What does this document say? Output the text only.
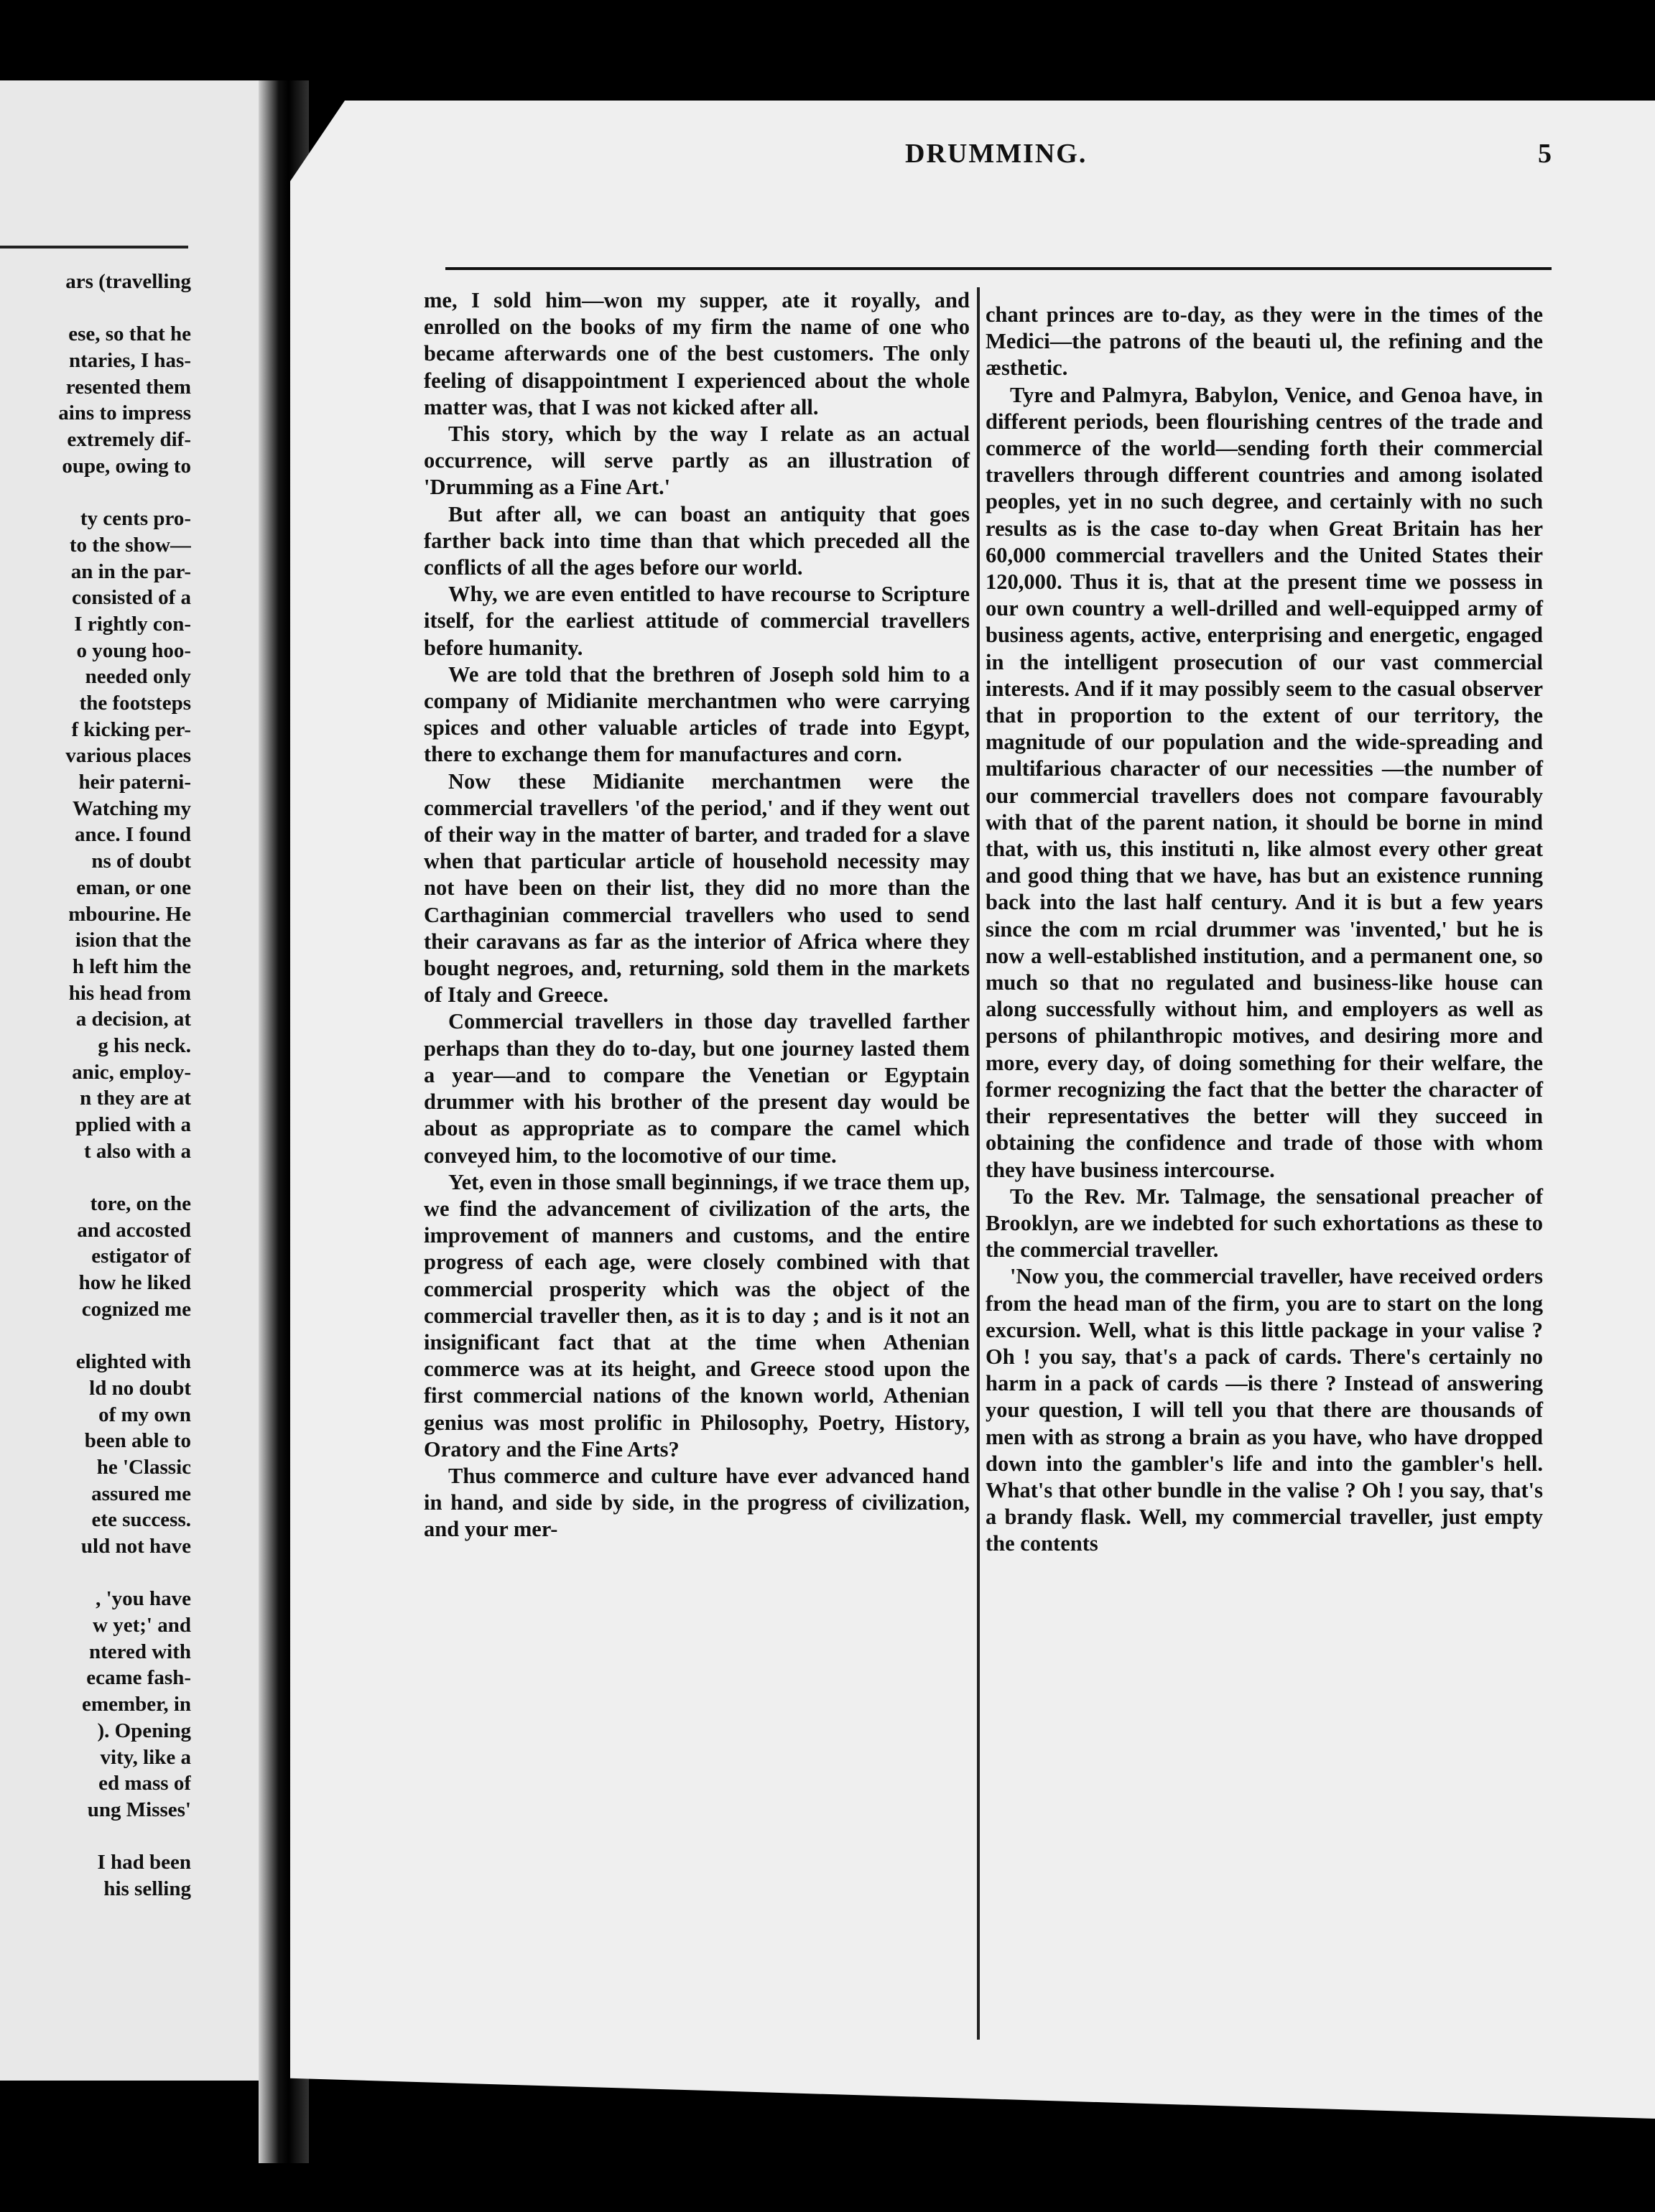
ars (travelling
ese, so that he
ntaries, I has-
resented them
ains to impress
extremely dif-
oupe, owing to
ty cents pro-
to the show—
an in the par-
consisted of a
I rightly con-
o young hoo-
needed only
the footsteps
f kicking per-
various places
heir paterni-
Watching my
ance. I found
ns of doubt
eman, or one
mbourine. He
ision that the
h left him the
his head from
a decision, at
g his neck.
anic, employ-
n they are at
pplied with a
t also with a
tore, on the
and accosted
estigator of
how he liked
cognized me
elighted with
ld no doubt
of my own
been able to
he 'Classic
assured me
ete success.
uld not have
, 'you have
w yet;' and
ntered with
ecame fash-
emember, in
). Opening
vity, like a
ed mass of
ung Misses'
I had been
his selling
DRUMMING.	5

me, I sold him—won my supper, ate it royally, and enrolled on the books of my firm the name of one who became afterwards one of the best customers. The only feeling of disappointment I experienced about the whole matter was, that I was not kicked after all.

This story, which by the way I relate as an actual occurrence, will serve partly as an illustration of 'Drumming as a Fine Art.'

But after all, we can boast an antiquity that goes farther back into time than that which preceded all the conflicts of all the ages before our world.

Why, we are even entitled to have recourse to Scripture itself, for the earliest attitude of commercial travellers before humanity.

We are told that the brethren of Joseph sold him to a company of Midianite merchantmen who were carrying spices and other valuable articles of trade into Egypt, there to exchange them for manufactures and corn.

Now these Midianite merchantmen were the commercial travellers 'of the period,' and if they went out of their way in the matter of barter, and traded for a slave when that particular article of household necessity may not have been on their list, they did no more than the Carthaginian commercial travellers who used to send their caravans as far as the interior of Africa where they bought negroes, and, returning, sold them in the markets of Italy and Greece.

Commercial travellers in those day travelled farther perhaps than they do to-day, but one journey lasted them a year—and to compare the Venetian or Egyptain drummer with his brother of the present day would be about as appropriate as to compare the camel which conveyed him, to the locomotive of our time.

Yet, even in those small beginnings, if we trace them up, we find the advancement of civilization of the arts, the improvement of manners and customs, and the entire progress of each age, were closely combined with that commercial prosperity which was the object of the commercial traveller then, as it is to day ; and is it not an insignificant fact that at the time when Athenian commerce was at its height, and Greece stood upon the first commercial nations of the known world, Athenian genius was most prolific in Philosophy, Poetry, History, Oratory and the Fine Arts?

Thus commerce and culture have ever advanced hand in hand, and side by side, in the progress of civilization, and your mer-

chant princes are to-day, as they were in the times of the Medici—the patrons of the beauti ul, the refining and the æsthetic.

Tyre and Palmyra, Babylon, Venice, and Genoa have, in different periods, been flourishing centres of the trade and commerce of the world—sending forth their commercial travellers through different countries and among isolated peoples, yet in no such degree, and certainly with no such results as is the case to-day when Great Britain has her 60,000 commercial travellers and the United States their 120,000. Thus it is, that at the present time we possess in our own country a well-drilled and well-equipped army of business agents, active, enterprising and energetic, engaged in the intelligent prosecution of our vast commercial interests. And if it may possibly seem to the casual observer that in proportion to the extent of our territory, the magnitude of our population and the wide-spreading and multifarious character of our necessities —the number of our commercial travellers does not compare favourably with that of the parent nation, it should be borne in mind that, with us, this instituti n, like almost every other great and good thing that we have, has but an existence running back into the last half century. And it is but a few years since the com m rcial drummer was 'invented,' but he is now a well-established institution, and a permanent one, so much so that no regulated and business-like house can along successfully without him, and employers as well as persons of philanthropic motives, and desiring more and more, every day, of doing something for their welfare, the former recognizing the fact that the better the character of their representatives the better will they succeed in obtaining the confidence and trade of those with whom they have business intercourse.

To the Rev. Mr. Talmage, the sensational preacher of Brooklyn, are we indebted for such exhortations as these to the commercial traveller.

'Now you, the commercial traveller, have received orders from the head man of the firm, you are to start on the long excursion. Well, what is this little package in your valise ? Oh ! you say, that's a pack of cards. There's certainly no harm in a pack of cards —is there ? Instead of answering your question, I will tell you that there are thousands of men with as strong a brain as you have, who have dropped down into the gambler's life and into the gambler's hell. What's that other bundle in the valise ? Oh ! you say, that's a brandy flask. Well, my commercial traveller, just empty the contents
